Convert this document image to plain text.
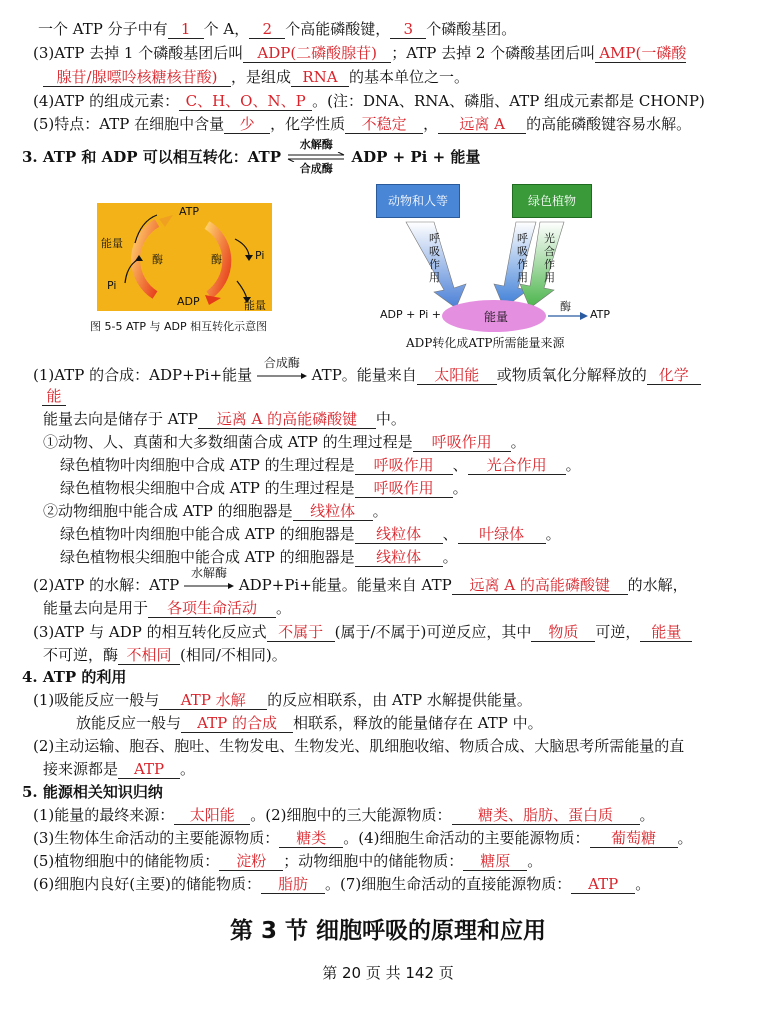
一个 ATP 分子中有 1 个 A， 2 个高能磷酸键， 3 个磷酸基团。
(3)ATP 去掉 1 个磷酸基团后叫 ADP(二磷酸腺苷) ；ATP 去掉 2 个磷酸基团后叫 AMP(一磷酸
腺苷/腺嘌呤核糖核苷酸) ，是组成 RNA 的基本单位之一。
(4)ATP 的组成元素： C、H、O、N、P 。(注：DNA、RNA、磷脂、ATP 组成元素都是 CHONP)
(5)特点：ATP 在细胞中含量 少 ，化学性质 不稳定 ， 远离 A 的高能磷酸键容易水解。
3. ATP 和 ADP 可以相互转化：ATP
水解酶
合成酶
ADP + Pi + 能量
ATP
ADP
能量
Pi
Pi
能量
酶	酶
图 5-5 ATP 与 ADP 相互转化示意图
动物和人等	绿色植物
呼吸作用
呼吸作用
光合作用
ADP + Pi +	能量
酶
ATP
ADP转化成ATP所需能量来源
(1)ATP 的合成：ADP+Pi+能量
合成酶
ATP。能量来自 太阳能 或物质氧化分解释放的 化学
能
能量去向是储存于 ATP 远离 A 的高能磷酸键 中。
①动物、人、真菌和大多数细菌合成 ATP 的生理过程是 呼吸作用 。
绿色植物叶肉细胞中合成 ATP 的生理过程是 呼吸作用 、 光合作用 。
绿色植物根尖细胞中合成 ATP 的生理过程是 呼吸作用 。
②动物细胞中能合成 ATP 的细胞器是 线粒体 。
绿色植物叶肉细胞中能合成 ATP 的细胞器是 线粒体 、 叶绿体 。
绿色植物根尖细胞中能合成 ATP 的细胞器是 线粒体 。
(2)ATP 的水解：ATP
水解酶
ADP+Pi+能量。能量来自 ATP 远离 A 的高能磷酸键 的水解，
能量去向是用于 各项生命活动 。
(3)ATP 与 ADP 的相互转化反应式 不属于 (属于/不属于)可逆反应，其中 物质 可逆， 能量
不可逆，酶 不相同 (相同/不相同)。
4. ATP 的利用
(1)吸能反应一般与 ATP 水解 的反应相联系，由 ATP 水解提供能量。
放能反应一般与 ATP 的合成 相联系，释放的能量储存在 ATP 中。
(2)主动运输、胞吞、胞吐、生物发电、生物发光、肌细胞收缩、物质合成、大脑思考所需能量的直
接来源都是 ATP 。
5. 能源相关知识归纳
(1)能量的最终来源： 太阳能 。(2)细胞中的三大能源物质： 糖类、脂肪、蛋白质 。
(3)生物体生命活动的主要能源物质： 糖类 。(4)细胞生命活动的主要能源物质： 葡萄糖 。
(5)植物细胞中的储能物质： 淀粉 ；动物细胞中的储能物质： 糖原 。
(6)细胞内良好(主要)的储能物质： 脂肪 。(7)细胞生命活动的直接能源物质： ATP 。
第 3 节 细胞呼吸的原理和应用
第 20 页 共 142 页
